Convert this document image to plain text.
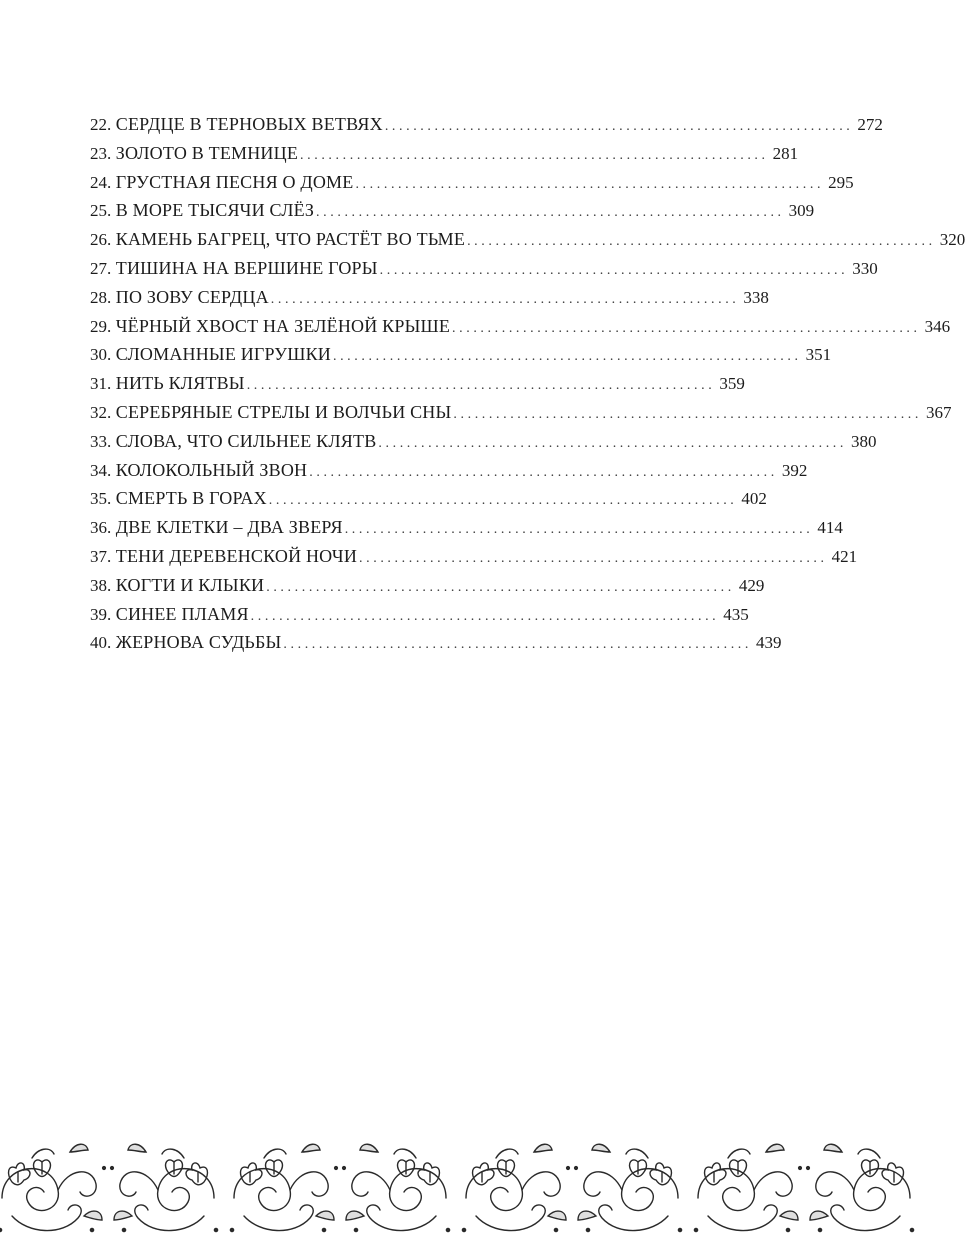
22.
СЕРДЦЕ В ТЕРНОВЫХ ВЕТВЯХ .................................................................. 272
23.
ЗОЛОТО В ТЕМНИЦЕ .................................................................. 281
24.
ГРУСТНАЯ ПЕСНЯ О ДОМЕ .................................................................. 295
25.
В МОРЕ ТЫСЯЧИ СЛЁЗ .................................................................. 309
26.
КАМЕНЬ БАГРЕЦ, ЧТО РАСТЁТ ВО ТЬМЕ .................................................................. 320
27.
ТИШИНА НА ВЕРШИНЕ ГОРЫ .................................................................. 330
28.
ПО ЗОВУ СЕРДЦА .................................................................. 338
29.
ЧЁРНЫЙ ХВОСТ НА ЗЕЛЁНОЙ КРЫШЕ .................................................................. 346
30.
СЛОМАННЫЕ ИГРУШКИ .................................................................. 351
31.
НИТЬ КЛЯТВЫ .................................................................. 359
32.
СЕРЕБРЯНЫЕ СТРЕЛЫ И ВОЛЧЬИ СНЫ .................................................................. 367
33.
СЛОВА, ЧТО СИЛЬНЕЕ КЛЯТВ .................................................................. 380
34.
КОЛОКОЛЬНЫЙ ЗВОН .................................................................. 392
35.
СМЕРТЬ В ГОРАХ .................................................................. 402
36.
ДВЕ КЛЕТКИ – ДВА ЗВЕРЯ .................................................................. 414
37.
ТЕНИ ДЕРЕВЕНСКОЙ НОЧИ .................................................................. 421
38.
КОГТИ И КЛЫКИ .................................................................. 429
39.
СИНЕЕ ПЛАМЯ .................................................................. 435
40.
ЖЕРНОВА СУДЬБЫ .................................................................. 439
